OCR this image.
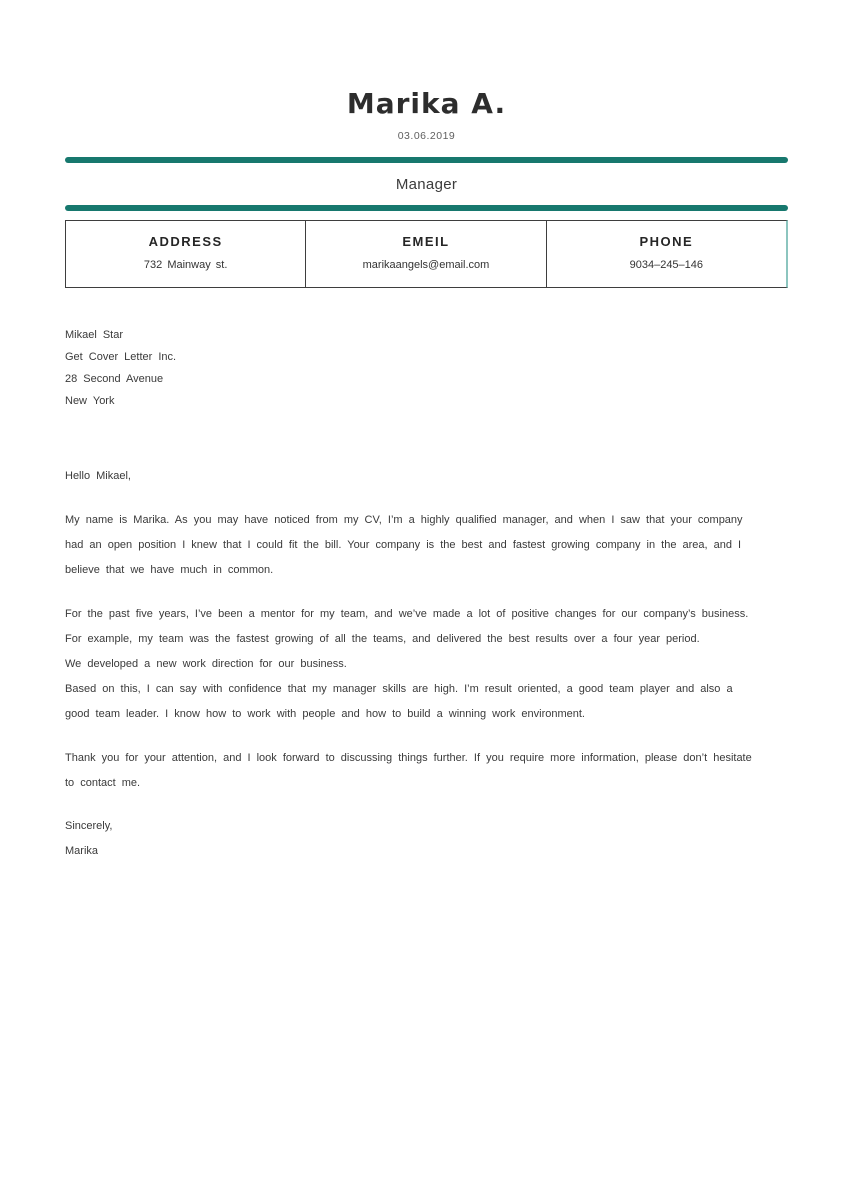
Marika A.
03.06.2019
Manager
ADDRESS
732 Mainway st.
EMEIL
marikaangels@email.com
PHONE
9034–245–146
Mikael Star
Get Cover Letter Inc.
28 Second Avenue
New York
Hello Mikael,
My name is Marika. As you may have noticed from my CV, I’m a highly qualified manager, and when I saw that your company
had an open position I knew that I could fit the bill. Your company is the best and fastest growing company in the area, and I
believe that we have much in common.
For the past five years, I’ve been a mentor for my team, and we’ve made a lot of positive changes for our company’s business.
For example, my team was the fastest growing of all the teams, and delivered the best results over a four year period.
We developed a new work direction for our business.
Based on this, I can say with confidence that my manager skills are high. I’m result oriented, a good team player and also a
good team leader. I know how to work with people and how to build a winning work environment.
Thank you for your attention, and I look forward to discussing things further. If you require more information, please don’t hesitate
to contact me.
Sincerely,
Marika
